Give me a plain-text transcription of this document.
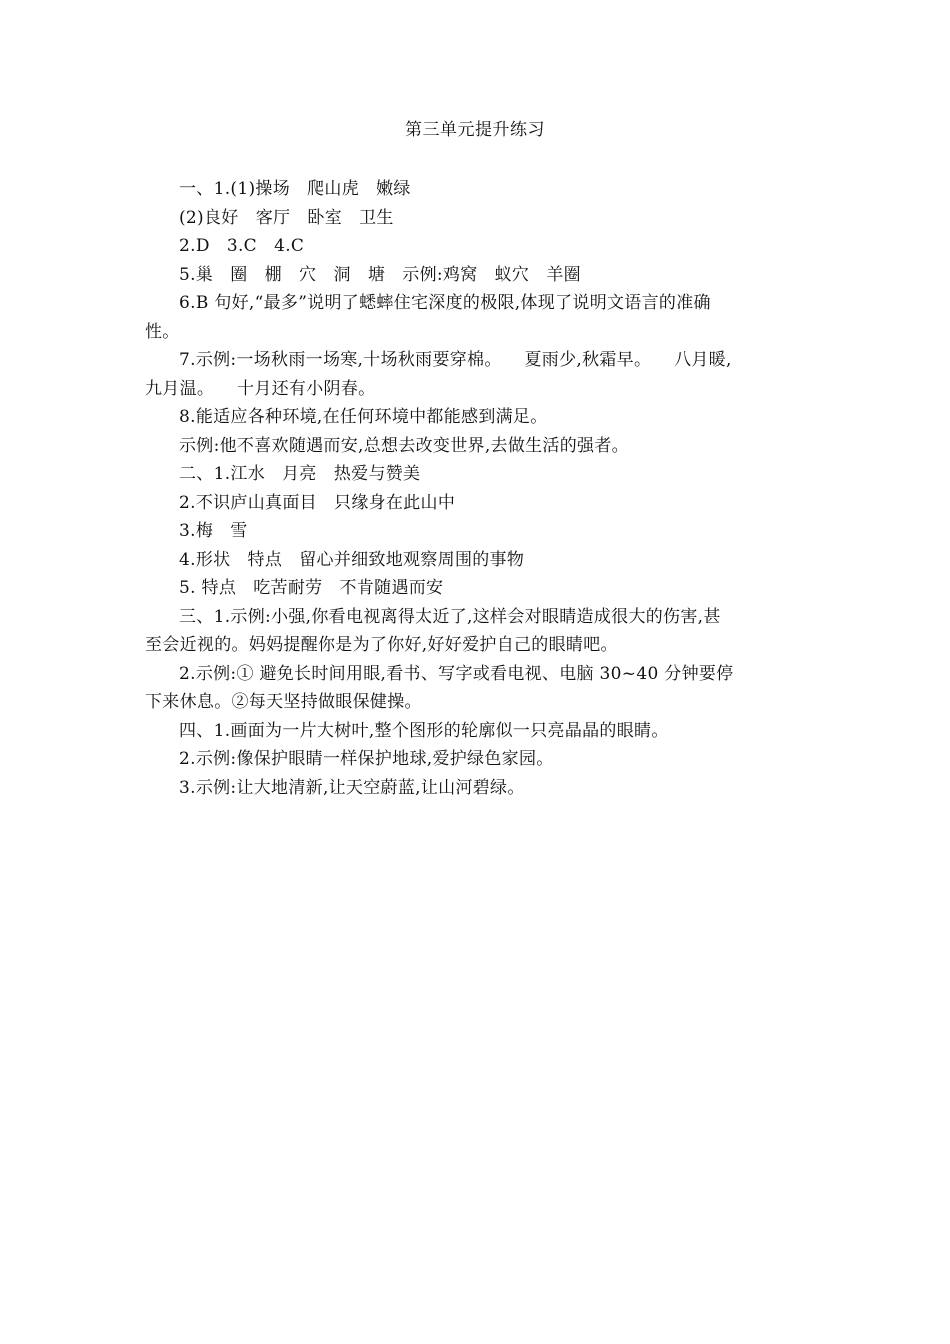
第三单元提升练习
一、1.(1)操场   爬山虎   嫩绿
(2)良好   客厅   卧室   卫生
2.D   3.C   4.C
5.巢   圈   棚   穴   洞   塘   示例:鸡窝   蚁穴   羊圈
6.B 句好,“最多”说明了蟋蟀住宅深度的极限,体现了说明文语言的准确
性。
7.示例:一场秋雨一场寒,十场秋雨要穿棉。    夏雨少,秋霜早。    八月暖,
九月温。    十月还有小阴春。
8.能适应各种环境,在任何环境中都能感到满足。
示例:他不喜欢随遇而安,总想去改变世界,去做生活的强者。
二、1.江水   月亮   热爱与赞美
2.不识庐山真面目   只缘身在此山中
3.梅   雪
4.形状   特点   留心并细致地观察周围的事物
5. 特点   吃苦耐劳   不肯随遇而安
三、1.示例:小强,你看电视离得太近了,这样会对眼睛造成很大的伤害,甚
至会近视的。妈妈提醒你是为了你好,好好爱护自己的眼睛吧。
2.示例:① 避免长时间用眼,看书、写字或看电视、电脑 30~40 分钟要停
下来休息。②每天坚持做眼保健操。
四、1.画面为一片大树叶,整个图形的轮廓似一只亮晶晶的眼睛。
2.示例:像保护眼睛一样保护地球,爱护绿色家园。
3.示例:让大地清新,让天空蔚蓝,让山河碧绿。
